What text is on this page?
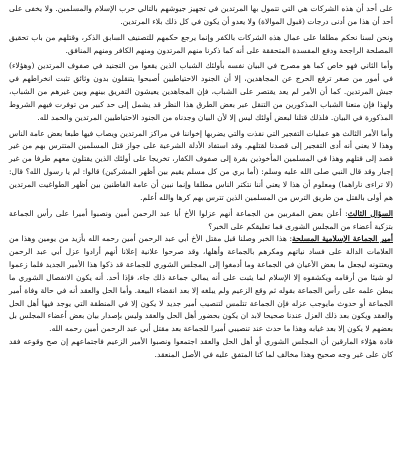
على أحد أن هذه الشركات هي التي تتمول بها المرتدين في تجهيز جيوشهم بالتالي حرب الإسلام والمسلمين. ولا يخفى على أحد أن هذا من أدنى درجات (قبول الموالاة) ولا يعدو أن يكون في كل ذلك بلاء المرتدين.

ونحن لسنا نحكم مطلقا على عمال هذه الشركات بالكفر وإنما يرجع حكمهم للتصنيف السابق الذكر، وقتلهم من باب تحقيق المصلحة الراجحة ودفع المفسدة المتحققة على أنه كما ذكرنا منهم المرتدون ومنهم الكافر ومنهم المنافق.

وأما الثاني فهو خاص كما هو مصرح في البيان نفسه بأولئك الشباب الذين يقعوا من التجنيد في صفوف المرتدين (وهؤلاء) في أمور من صغر ترفع الحرج عن المجاهدين، إلا أن الجنود الاحتياطيين أصبحوا يتنقلون بدون وثائق تثبت انخراطهم في جيش المرتدين. كما أن الأمر لم يعد يقتصر على الشباب، فإن المجاهدين يعيشون التفريق بينهم وبين غيرهم من الشباب، ولهذا فإن منعنا الشباب المذكورين من التنقل عبر بعض الطرق هذا النظر قد يشمل إلى حد كبير من توفرت فيهم الشروط المذكورة في البيان. فلذلك قتلنا لبعض أولئك ليس إلا لأن البيان وجدناه من الجنود الاحتياطيين المرتدين والحمد لله.

وأما الأمر الثالث هو عمليات التفجير التي نفذت والتي يضربها إخواننا في مراكز المرتدين ويصاب فيها طبعا بعض عامة الناس وهذا لا يعني أنه أدى التفجير إلى قصدنا لقتلهم. وقد استفاد الأدلة الشرعية على جواز قتل المسلمين المتترس بهم من غير قصد إلى قتلهم وهذا في المسلمين المأخوذين بقرة إلى صفوف الكفار، تخريجا على أولئك الذين يقتلون معهم طرفا من غير إجبار وقد قال النبي صلى الله عليه وسلم: (أما بري من كل مسلم يقيم بين أظهر المشركين) قالوا: لم يا رسول الله؟ قال: (لا تراءى ناراهما) ومعلوم أن هذا لا يعني أننا نتكتر الناس مطلقا وإنما نبين أن عامة القاطنين بين أظهر الطواغيت المرتدين هم أولى بالقتل من طريق الترس من المسلمين الذين تترس بهم كرها والله أعلم.

السؤال الثالث: أعلن بعض المقربين من الجماعة أنهم عزلوا الأخ أبا عبد الرحمن أمين ونصبوا أميرا على رأس الجماعة بتزكية أعضاء من المجلس الشورى فما تعليقكم على الخبر؟

أمير الجماعة الإسلامية المسلحة: هذا الخبر وصلنا قبل مقتل الأخ أبي عبد الرحمن أمين رحمه الله بأزيد من يومين وهذا من العلامات الدالة على فساد نياتهم ومكرهم بالجماعة وأهلها، وقد صرحوا علانية إعلانا أنهم أرادوا عزل أبي عبد الرحمن ويعتنونه ليجعل ما بعض الأعيان في الجماعة وما أدمغوا إلى المجلس الشوري للجماعة قد ذكوا هذا الأمير الجديد فلما زعموا لو شيئا من أرقامه ويكشفوه إلا الإسلام لما يثبت على أنه يمالي جماعة ذلك جاء، فإذا أحد. أنه يكون الانفصال الشوري ما يبطن علمه على رأس الجماعة بقوله ثم وقع الزعيم ولم يبلغه إلا بعد انقضاء البيعة. وأما الحل والعقد أنه في حالة وفاة أمير الجماعة أو حدوث مايوجب عزله فإن الجماعة تتلمس لتنصيب أمير جديد لا يكون إلا في المنطقة التي يوجد فيها أهل الحل والعقد ويكون بعد ذلك العزل عندنا صحيحا لابد ان يكون بحضور أهل الحل والعقد وليس بإصدار بيان بعض أعضاء المجلس بل بعضهم لا يكون إلا بعد غيابه وهذا ما حدث عند تنصيبي أميرا للجماعة بعد مقتل أبي عبد الرحمن أمين رحمه الله.

قادة هؤلاء المارقين أن المجلس الشوري أو أهل الحل والعقد اجتمعوا ونصبوا الأمير الزعيم فاجتماعهم إن صح وقوعه فقد كان على غير وجه صحيح وهذا مخالف لما كنا المتفق عليه في الأصل المنعقد.
